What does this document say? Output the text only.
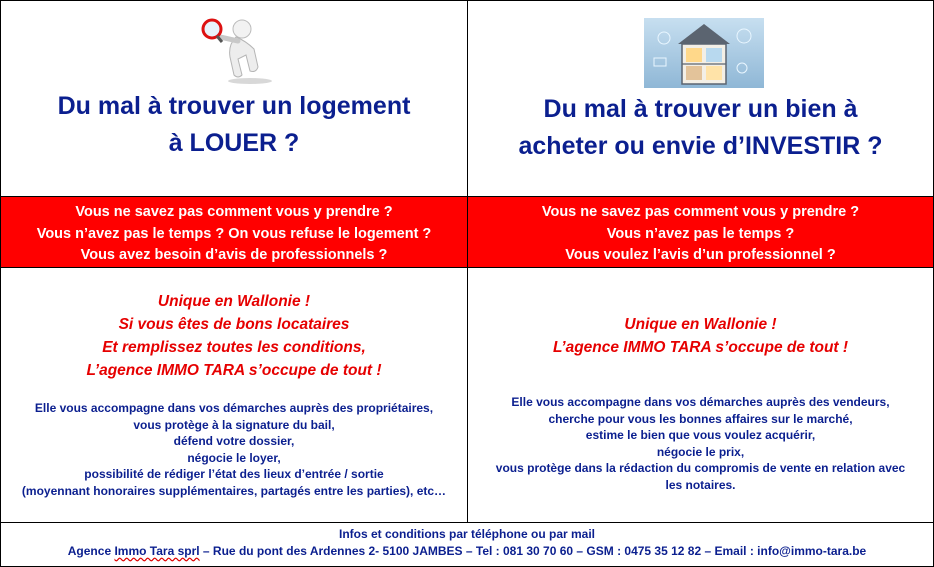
Du mal à trouver un logement
à LOUER ?
Du mal à trouver un bien à
acheter ou envie d’INVESTIR ?
Vous ne savez pas comment vous y prendre ?
Vous n’avez pas le temps ? On vous refuse le logement ?
Vous avez besoin d’avis de professionnels ?
Vous ne savez pas comment vous y prendre ?
Vous n’avez pas le temps ?
Vous voulez l’avis d’un professionnel ?
Unique en Wallonie !
Si vous êtes de bons locataires
Et remplissez toutes les conditions,
L’agence IMMO TARA s’occupe de tout !
Elle vous accompagne dans vos démarches auprès des propriétaires,
vous protège à la signature du bail,
défend votre dossier,
négocie le loyer,
possibilité de rédiger l’état des lieux d’entrée / sortie
(moyennant honoraires supplémentaires, partagés entre les parties), etc…
Unique en Wallonie !
L’agence IMMO TARA s’occupe de tout !
Elle vous accompagne dans vos démarches auprès des vendeurs,
cherche pour vous les bonnes affaires sur le marché,
estime le bien que vous voulez acquérir,
négocie le prix,
vous protège dans la rédaction du compromis de vente en relation avec
les notaires.
Infos et conditions par téléphone ou par mail
Agence Immo Tara sprl – Rue du pont des Ardennes 2- 5100 JAMBES – Tel : 081 30 70 60 – GSM : 0475 35 12 82 – Email : info@immo-tara.be
